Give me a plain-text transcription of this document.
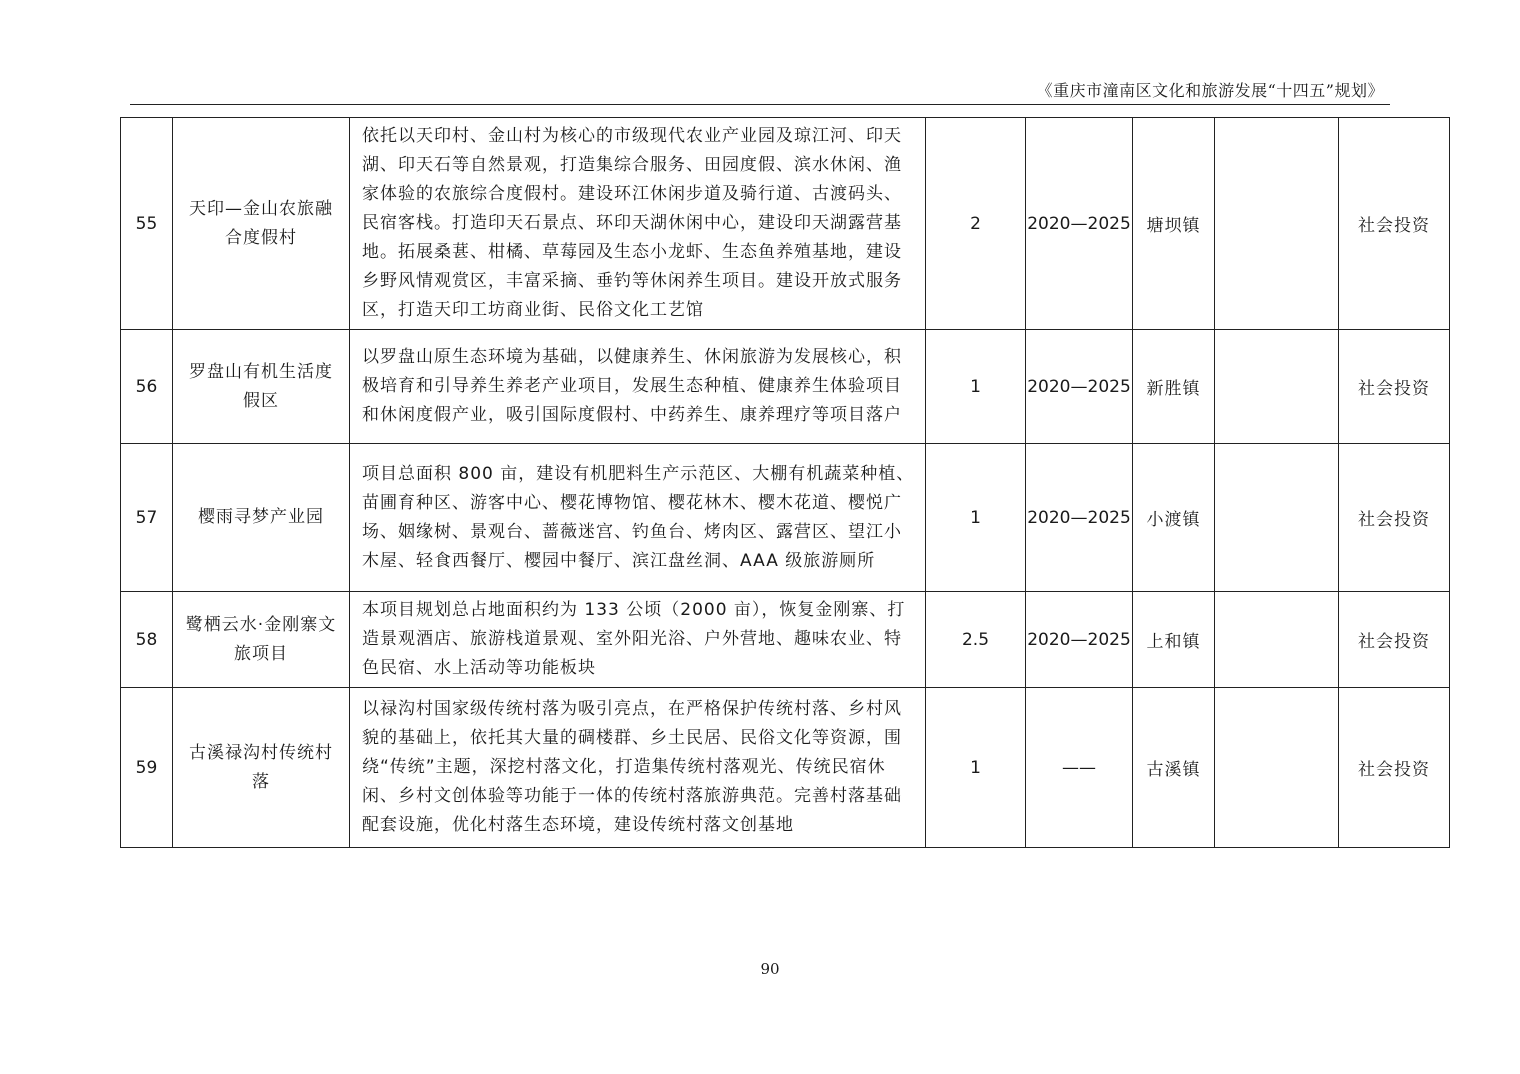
《重庆市潼南区文化和旅游发展“十四五”规划》
55	天印—金山农旅融合度假村	依托以天印村、金山村为核心的市级现代农业产业园及琼江河、印天湖、印天石等自然景观，打造集综合服务、田园度假、滨水休闲、渔家体验的农旅综合度假村。建设环江休闲步道及骑行道、古渡码头、民宿客栈。打造印天石景点、环印天湖休闲中心，建设印天湖露营基地。拓展桑葚、柑橘、草莓园及生态小龙虾、生态鱼养殖基地，建设乡野风情观赏区，丰富采摘、垂钓等休闲养生项目。建设开放式服务区，打造天印工坊商业街、民俗文化工艺馆	2	2020—2025	塘坝镇		社会投资
56	罗盘山有机生活度假区	以罗盘山原生态环境为基础，以健康养生、休闲旅游为发展核心，积极培育和引导养生养老产业项目，发展生态种植、健康养生体验项目和休闲度假产业，吸引国际度假村、中药养生、康养理疗等项目落户	1	2020—2025	新胜镇		社会投资
57	樱雨寻梦产业园	项目总面积 800 亩，建设有机肥料生产示范区、大棚有机蔬菜种植、苗圃育种区、游客中心、樱花博物馆、樱花林木、樱木花道、樱悦广场、姻缘树、景观台、蔷薇迷宫、钓鱼台、烤肉区、露营区、望江小木屋、轻食西餐厅、樱园中餐厅、滨江盘丝洞、AAA 级旅游厕所	1	2020—2025	小渡镇		社会投资
58	鹭栖云水·金刚寨文旅项目	本项目规划总占地面积约为 133 公顷（2000 亩），恢复金刚寨、打造景观酒店、旅游栈道景观、室外阳光浴、户外营地、趣味农业、特色民宿、水上活动等功能板块	2.5	2020—2025	上和镇		社会投资
59	古溪禄沟村传统村落	以禄沟村国家级传统村落为吸引亮点，在严格保护传统村落、乡村风貌的基础上，依托其大量的碉楼群、乡土民居、民俗文化等资源，围绕“传统”主题，深挖村落文化，打造集传统村落观光、传统民宿休闲、乡村文创体验等功能于一体的传统村落旅游典范。完善村落基础配套设施，优化村落生态环境，建设传统村落文创基地	1	——	古溪镇		社会投资
90
